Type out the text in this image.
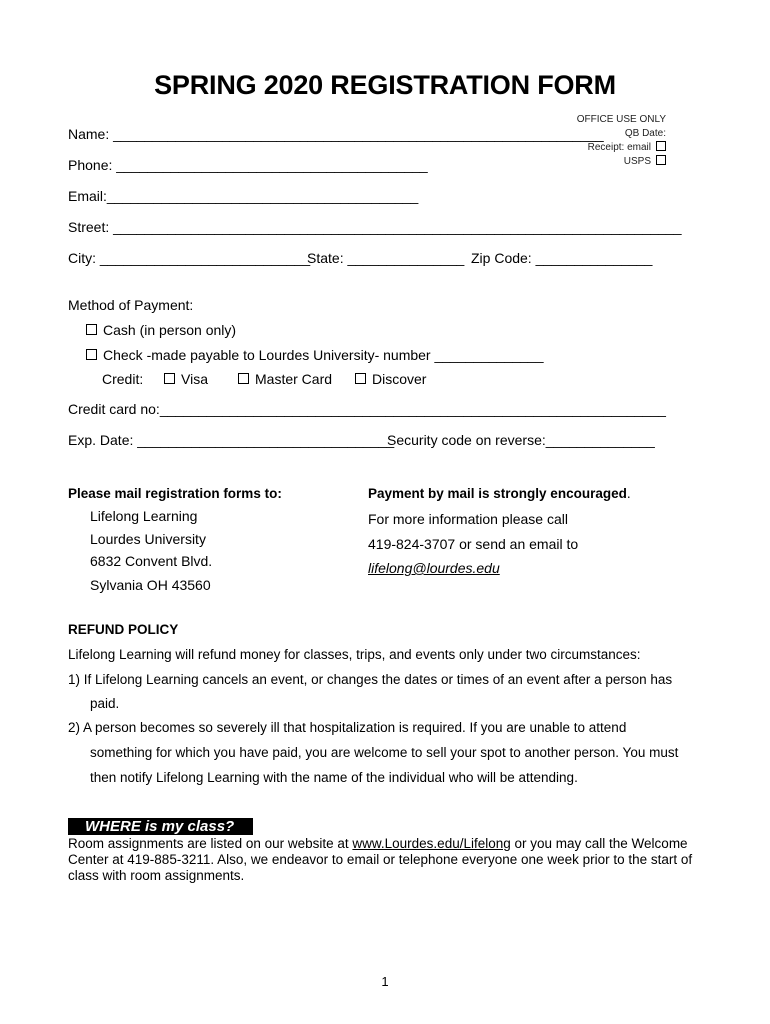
SPRING 2020 REGISTRATION FORM
OFFICE USE ONLY
QB Date:
Receipt: email
USPS
Name: _______________________________________________________________
Phone: ________________________________________
Email:________________________________________
Street: _________________________________________________________________________
City: ___________________________
State: _______________ Zip Code: _______________
Method of Payment:
Cash (in person only)
Check -made payable to Lourdes University- number ______________
Credit:	Visa	Master Card	Discover
Credit card no:_________________________________________________________________
Exp. Date: _________________________________
Security code on reverse:______________
Please mail registration forms to:
Lifelong Learning
Lourdes University
6832 Convent Blvd.
Sylvania OH 43560
Payment by mail is strongly encouraged.
For more information please call
419-824-3707 or send an email to
lifelong@lourdes.edu
REFUND POLICY
Lifelong Learning will refund money for classes, trips, and events only under two circumstances:
1) If Lifelong Learning cancels an event, or changes the dates or times of an event after a person has
paid.
2) A person becomes so severely ill that hospitalization is required. If you are unable to attend
something for which you have paid, you are welcome to sell your spot to another person. You must
then notify Lifelong Learning with the name of the individual who will be attending.
WHERE is my class?
Room assignments are listed on our website at www.Lourdes.edu/Lifelong or you may call the Welcome Center at 419-885-3211. Also, we endeavor to email or telephone everyone one week prior to the start of class with room assignments.
1
